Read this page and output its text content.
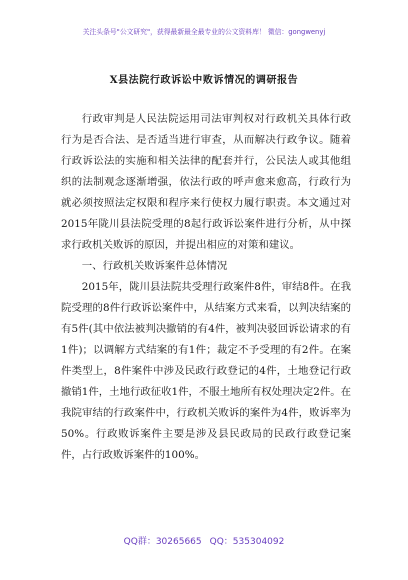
关注头条号"公文研究"，获得最新最全最专业的公文资料库！ 微信：gongwenyj
X县法院行政诉讼中败诉情况的调研报告

行政审判是人民法院运用司法审判权对行政机关具体行政行为是否合法、是否适当进行审查，从而解决行政争议。随着行政诉讼法的实施和相关法律的配套并行，公民法人或其他组织的法制观念逐渐增强，依法行政的呼声愈来愈高，行政行为就必须按照法定权限和程序来行使权力履行职责。本文通过对2015年陇川县法院受理的8起行政诉讼案件进行分析，从中探求行政机关败诉的原因，并提出相应的对策和建议。

一、行政机关败诉案件总体情况

2015年，陇川县法院共受理行政案件8件，审结8件。在我院受理的8件行政诉讼案件中，从结案方式来看，以判决结案的有5件(其中依法被判决撤销的有4件，被判决驳回诉讼请求的有1件)；以调解方式结案的有1件；裁定不予受理的有2件。在案件类型上，8件案件中涉及民政行政登记的4件，土地登记行政撤销1件，土地行政征收1件，不服土地所有权处理决定2件。在我院审结的行政案件中，行政机关败诉的案件为4件，败诉率为50%。行政败诉案件主要是涉及县民政局的民政行政登记案件，占行政败诉案件的100%。

QQ群：30265665 QQ：535304092
